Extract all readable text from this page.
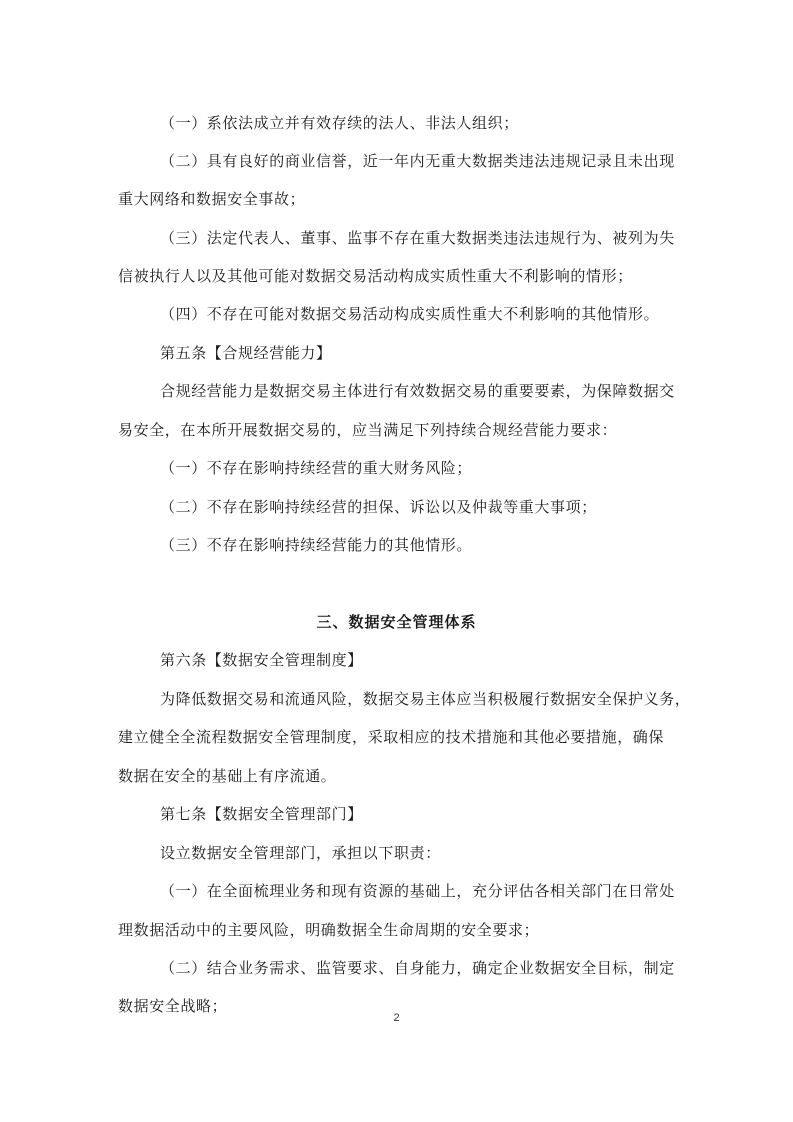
（一）系依法成立并有效存续的法人、非法人组织；
（二）具有良好的商业信誉，近一年内无重大数据类违法违规记录且未出现
重大网络和数据安全事故；
（三）法定代表人、董事、监事不存在重大数据类违法违规行为、被列为失
信被执行人以及其他可能对数据交易活动构成实质性重大不利影响的情形；
（四）不存在可能对数据交易活动构成实质性重大不利影响的其他情形。
第五条【合规经营能力】
合规经营能力是数据交易主体进行有效数据交易的重要要素，为保障数据交
易安全，在本所开展数据交易的，应当满足下列持续合规经营能力要求：
（一）不存在影响持续经营的重大财务风险；
（二）不存在影响持续经营的担保、诉讼以及仲裁等重大事项；
（三）不存在影响持续经营能力的其他情形。
三、数据安全管理体系
第六条【数据安全管理制度】
为降低数据交易和流通风险，数据交易主体应当积极履行数据安全保护义务，
建立健全全流程数据安全管理制度，采取相应的技术措施和其他必要措施，确保
数据在安全的基础上有序流通。
第七条【数据安全管理部门】
设立数据安全管理部门，承担以下职责：
（一）在全面梳理业务和现有资源的基础上，充分评估各相关部门在日常处
理数据活动中的主要风险，明确数据全生命周期的安全要求；
（二）结合业务需求、监管要求、自身能力，确定企业数据安全目标，制定
数据安全战略；
2
